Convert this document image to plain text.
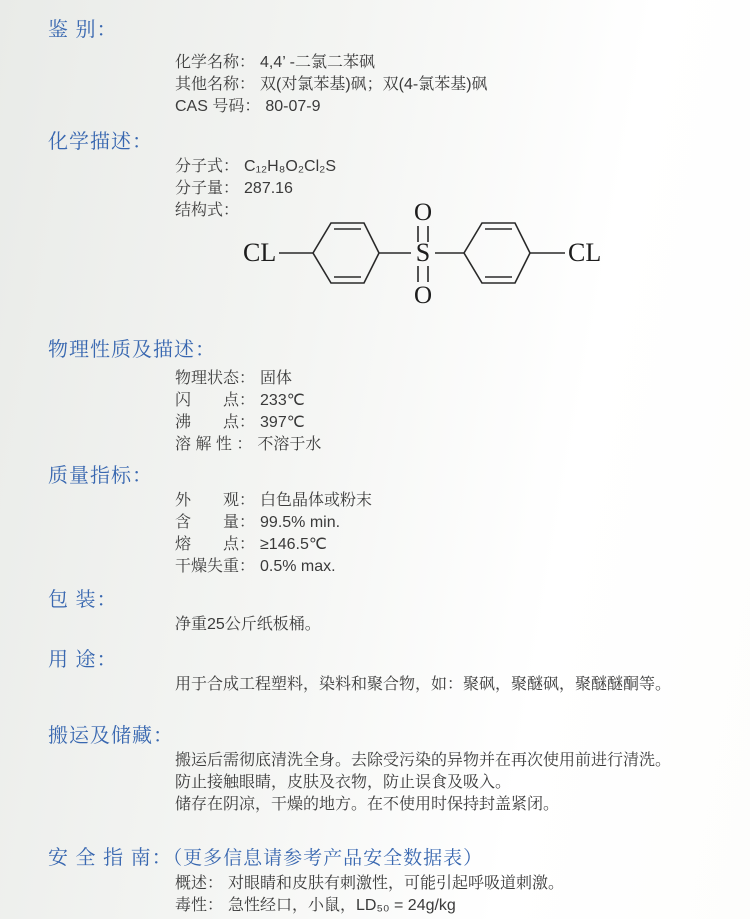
鉴 别：
化学名称： 4,4’ -二氯二苯砜
其他名称： 双(对氯苯基)砜；双(4-氯苯基)砜
CAS 号码： 80-07-9
化学描述：
分子式： C₁₂H₈O₂Cl₂S
分子量： 287.16
结构式：
CL
O
S
O
CL
物理性质及描述：
物理状态： 固体
闪　　点： 233℃
沸　　点： 397℃
溶 解 性 ： 不溶于水
质量指标：
外　　观： 白色晶体或粉末
含　　量： 99.5% min.
熔　　点： ≥146.5℃
干燥失重： 0.5% max.
包 装：
净重25公斤纸板桶。
用 途：
用于合成工程塑料，染料和聚合物，如：聚砜，聚醚砜，聚醚醚酮等。
搬运及储藏：
搬运后需彻底清洗全身。去除受污染的异物并在再次使用前进行清洗。
防止接触眼睛，皮肤及衣物，防止误食及吸入。
储存在阴凉，干燥的地方。在不使用时保持封盖紧闭。
安 全 指 南：（更多信息请参考产品安全数据表）
概述： 对眼睛和皮肤有刺激性，可能引起呼吸道刺激。
毒性： 急性经口，小鼠，LD₅₀ = 24g/kg
